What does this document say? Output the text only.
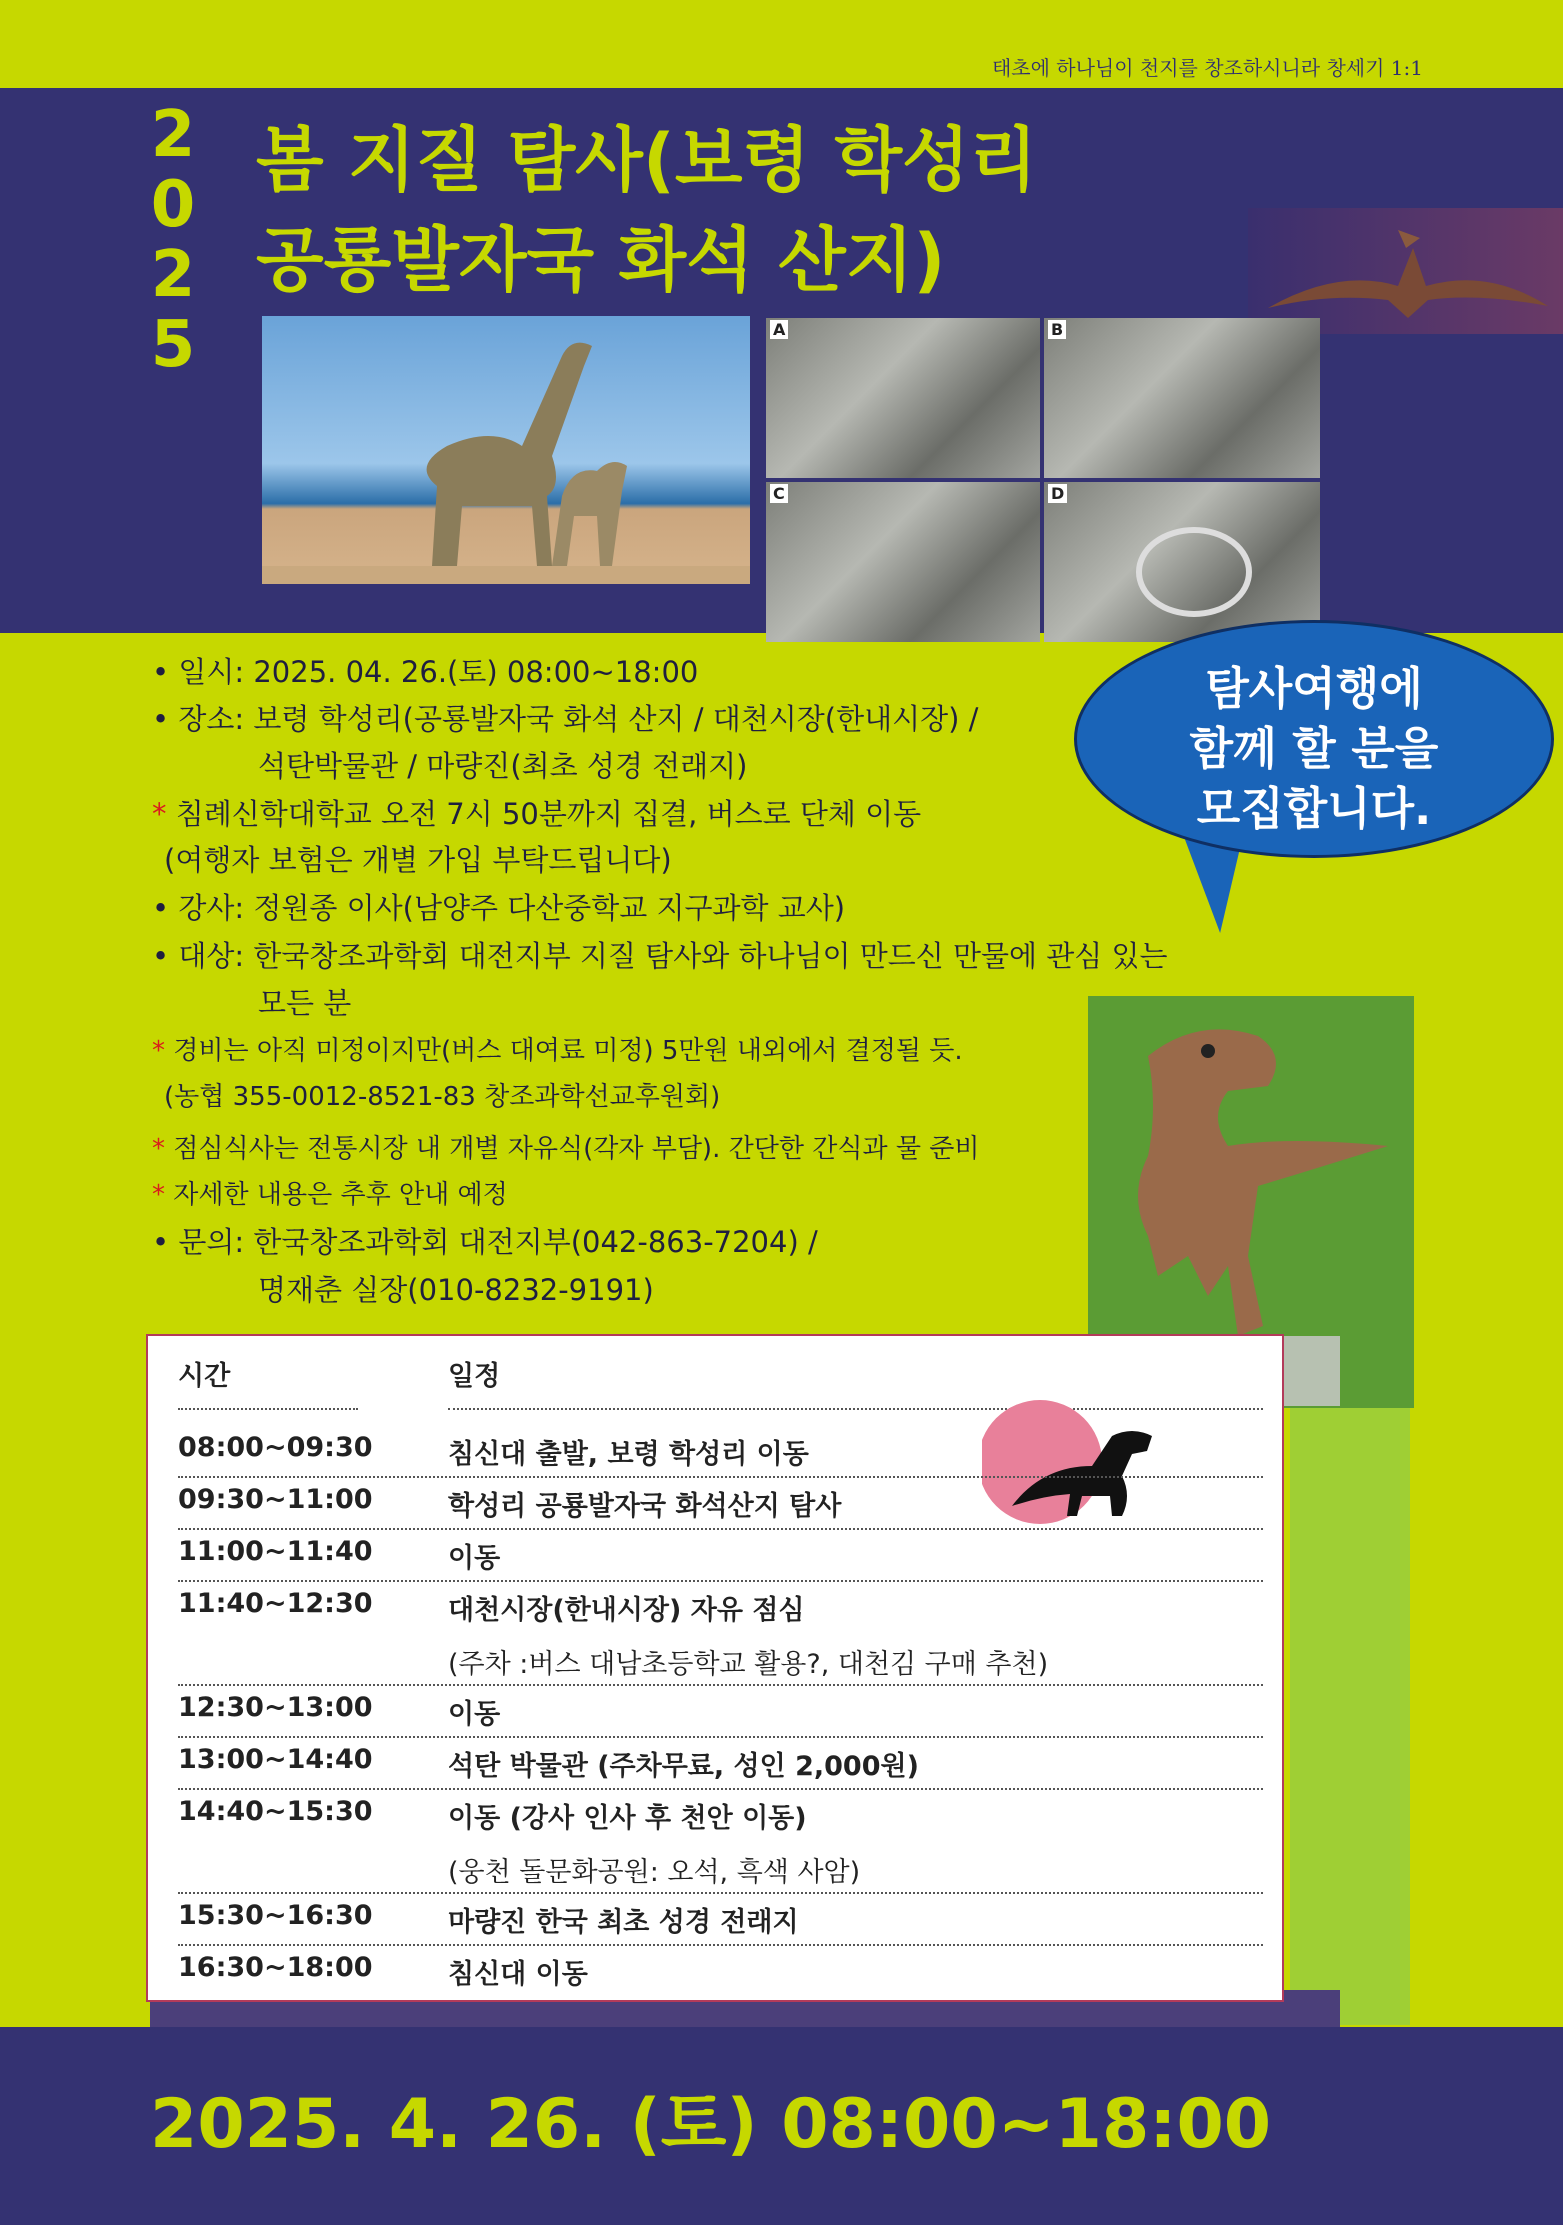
태초에 하나님이 천지를 창조하시니라 창세기 1:1
2
0
2
5
봄 지질 탐사(보령 학성리
공룡발자국 화석 산지)
A	B
C	D
• 일시: 2025. 04. 26.(토) 08:00~18:00
• 장소: 보령 학성리(공룡발자국 화석 산지 / 대천시장(한내시장) /
석탄박물관 / 마량진(최초 성경 전래지)
* 침례신학대학교 오전 7시 50분까지 집결, 버스로 단체 이동
(여행자 보험은 개별 가입 부탁드립니다)
• 강사: 정원종 이사(남양주 다산중학교 지구과학 교사)
• 대상: 한국창조과학회 대전지부 지질 탐사와 하나님이 만드신 만물에 관심 있는
모든 분
* 경비는 아직 미정이지만(버스 대여료 미정) 5만원 내외에서 결정될 듯.
(농협 355-0012-8521-83 창조과학선교후원회)
* 점심식사는 전통시장 내 개별 자유식(각자 부담). 간단한 간식과 물 준비
* 자세한 내용은 추후 안내 예정
• 문의: 한국창조과학회 대전지부(042-863-7204) /
명재춘 실장(010-8232-9191)
탐사여행에
함께 할 분을
모집합니다.
시간	일정
08:00~09:30	침신대 출발, 보령 학성리 이동
09:30~11:00	학성리 공룡발자국 화석산지 탐사
11:00~11:40	이동
11:40~12:30	대천시장(한내시장) 자유 점심
(주차 :버스 대남초등학교 활용?, 대천김 구매 추천)
12:30~13:00	이동
13:00~14:40	석탄 박물관 (주차무료, 성인 2,000원)
14:40~15:30	이동 (강사 인사 후 천안 이동)
(웅천 돌문화공원: 오석, 흑색 사암)
15:30~16:30	마량진 한국 최초 성경 전래지
16:30~18:00	침신대 이동
2025. 4. 26. (토) 08:00~18:00
